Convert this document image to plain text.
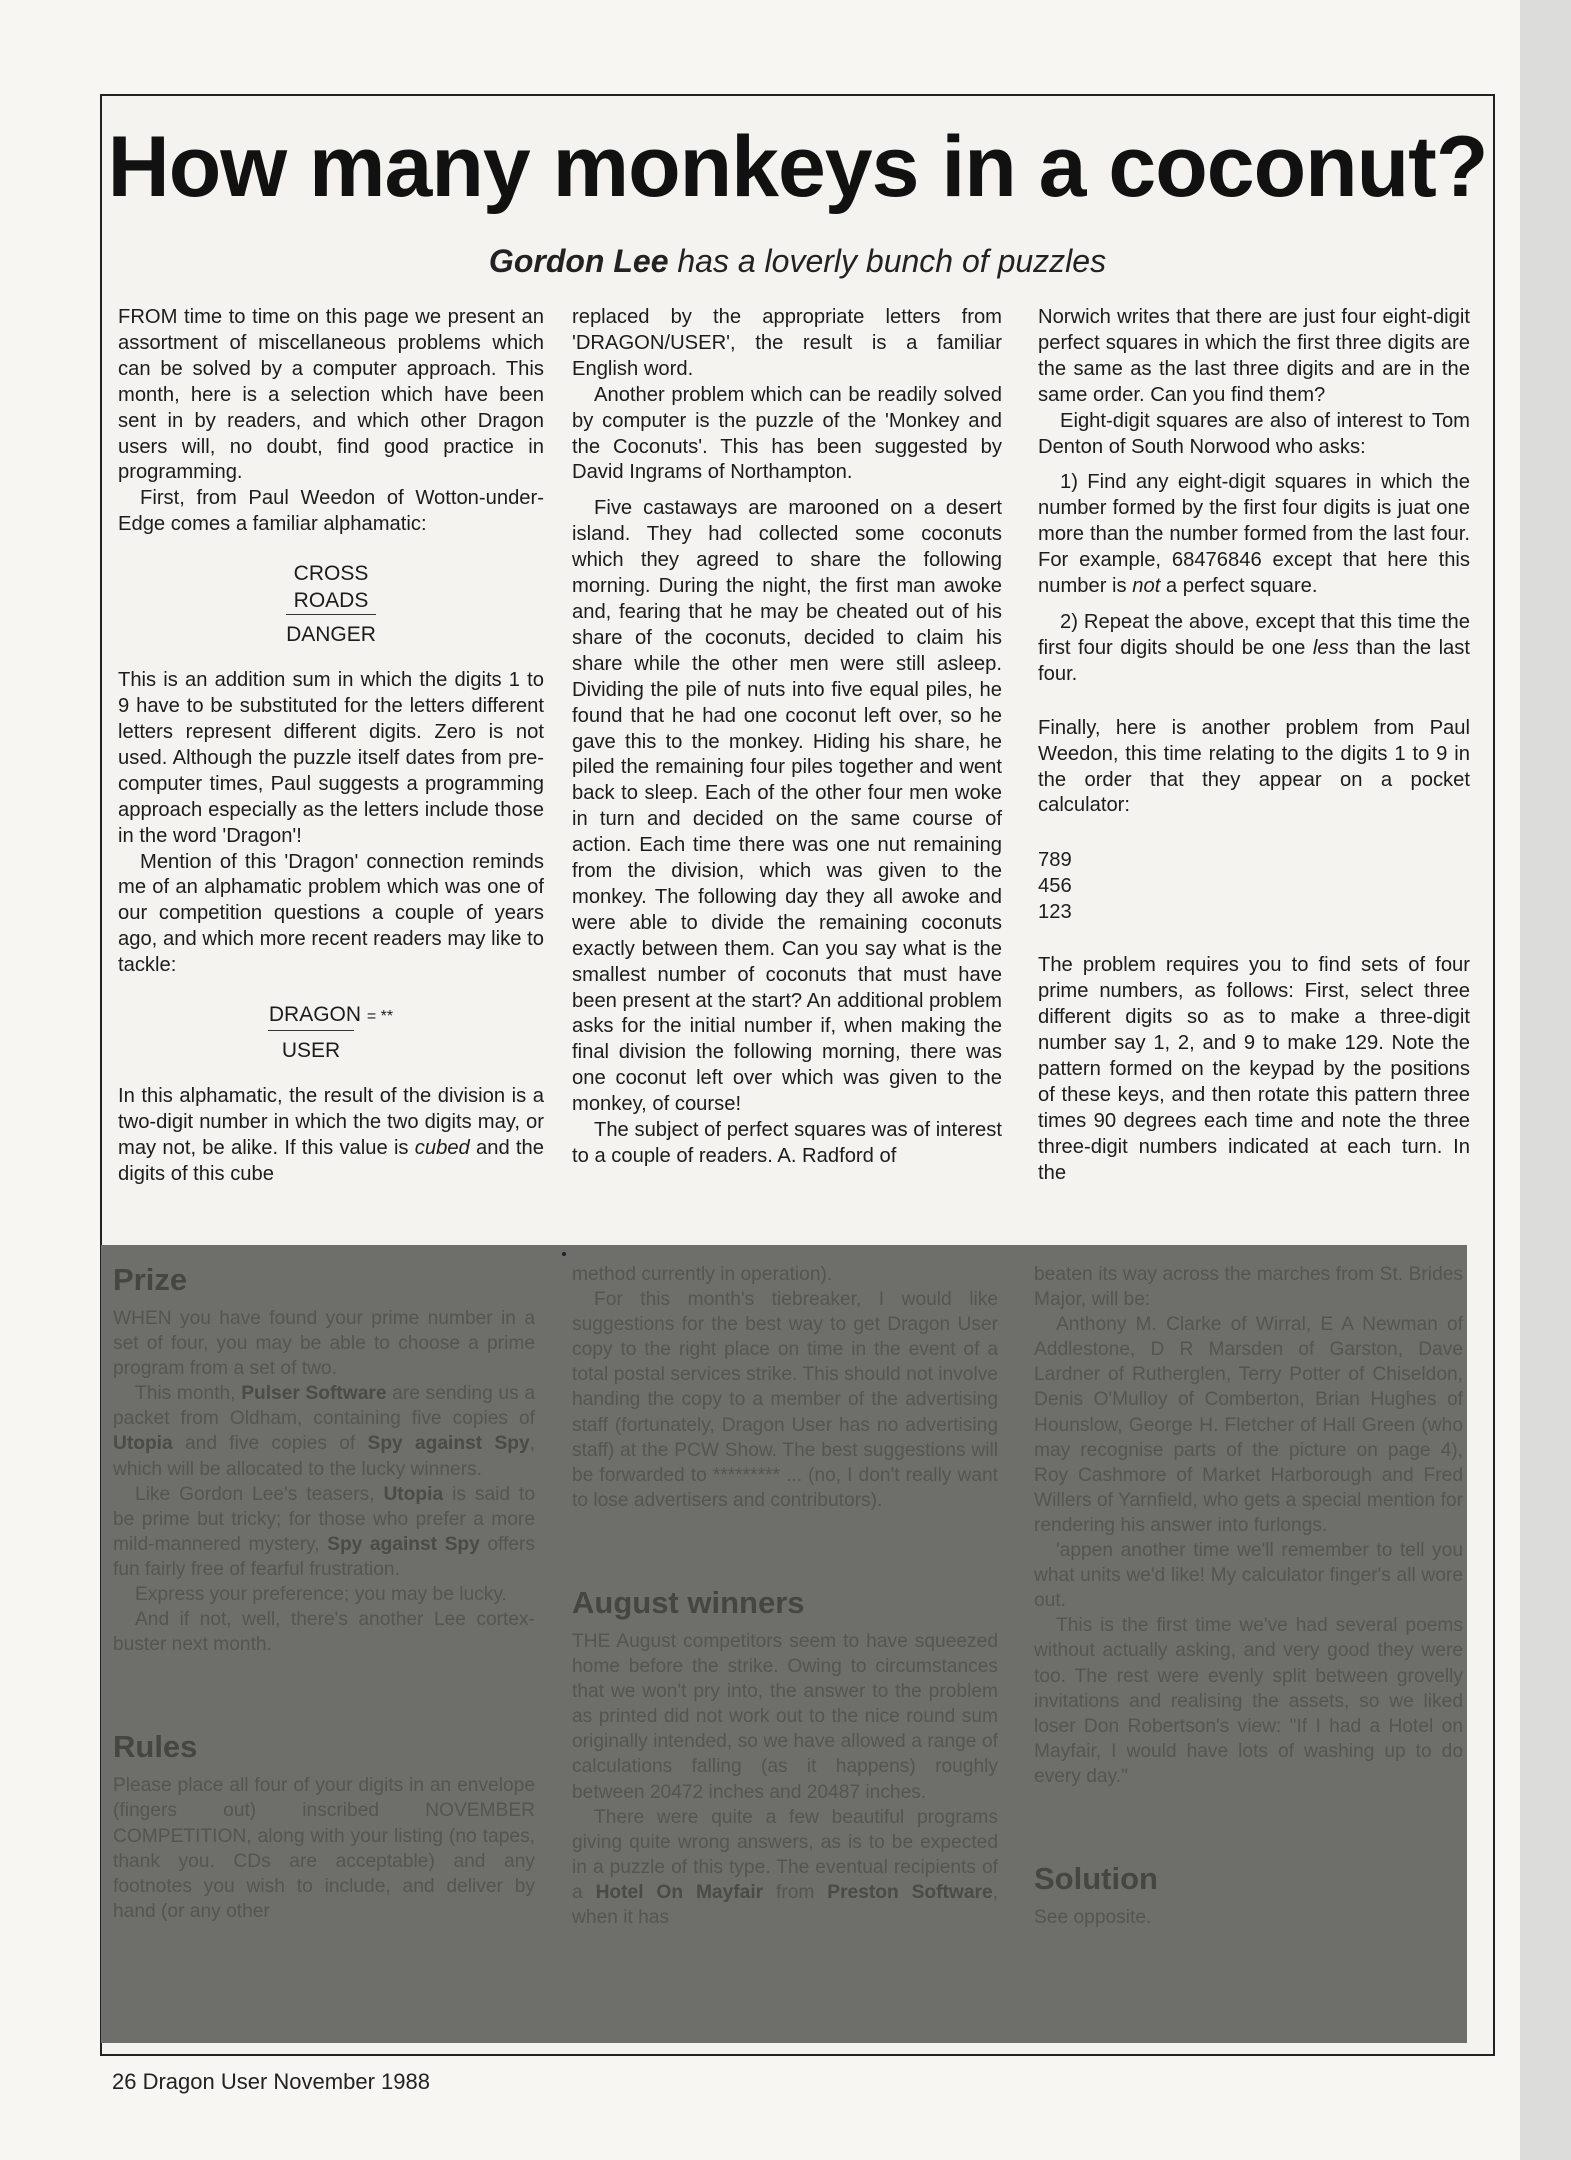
How many monkeys in a coconut?
Gordon Lee has a loverly bunch of puzzles

FROM time to time on this page we present an assortment of miscellaneous problems which can be solved by a computer approach. This month, here is a selection which have been sent in by readers, and which other Dragon users will, no doubt, find good practice in programming.

First, from Paul Weedon of Wotton-under-Edge comes a familiar alphamatic:

CROSS
ROADS
DANGER

This is an addition sum in which the digits 1 to 9 have to be substituted for the letters different letters represent different digits. Zero is not used. Although the puzzle itself dates from pre-computer times, Paul suggests a programming approach especially as the letters include those in the word 'Dragon'!

Mention of this 'Dragon' connection reminds me of an alphamatic problem which was one of our competition questions a couple of years ago, and which more recent readers may like to tackle:

DRAGON = **
USER

In this alphamatic, the result of the division is a two-digit number in which the two digits may, or may not, be alike. If this value is cubed and the digits of this cube

replaced by the appropriate letters from 'DRAGON/USER', the result is a familiar English word.

Another problem which can be readily solved by computer is the puzzle of the 'Monkey and the Coconuts'. This has been suggested by David Ingrams of Northampton.

Five castaways are marooned on a desert island. They had collected some coconuts which they agreed to share the following morning. During the night, the first man awoke and, fearing that he may be cheated out of his share of the coconuts, decided to claim his share while the other men were still asleep. Dividing the pile of nuts into five equal piles, he found that he had one coconut left over, so he gave this to the monkey. Hiding his share, he piled the remaining four piles together and went back to sleep. Each of the other four men woke in turn and decided on the same course of action. Each time there was one nut remaining from the division, which was given to the monkey. The following day they all awoke and were able to divide the remaining coconuts exactly between them. Can you say what is the smallest number of coconuts that must have been present at the start? An additional problem asks for the initial number if, when making the final division the following morning, there was one coconut left over which was given to the monkey, of course!

The subject of perfect squares was of interest to a couple of readers. A. Radford of

Norwich writes that there are just four eight-digit perfect squares in which the first three digits are the same as the last three digits and are in the same order. Can you find them?

Eight-digit squares are also of interest to Tom Denton of South Norwood who asks:

1) Find any eight-digit squares in which the number formed by the first four digits is juat one more than the number formed from the last four. For example, 68476846 except that here this number is not a perfect square.

2) Repeat the above, except that this time the first four digits should be one less than the last four.

Finally, here is another problem from Paul Weedon, this time relating to the digits 1 to 9 in the order that they appear on a pocket calculator:

789
456
123

The problem requires you to find sets of four prime numbers, as follows: First, select three different digits so as to make a three-digit number say 1, 2, and 9 to make 129. Note the pattern formed on the keypad by the positions of these keys, and then rotate this pattern three times 90 degrees each time and note the three three-digit numbers indicated at each turn. In the

Prize

WHEN you have found your prime number in a set of four, you may be able to choose a prime program from a set of two.

This month, Pulser Software are sending us a packet from Oldham, containing five copies of Utopia and five copies of Spy against Spy, which will be allocated to the lucky winners.

Like Gordon Lee's teasers, Utopia is said to be prime but tricky; for those who prefer a more mild-mannered mystery, Spy against Spy offers fun fairly free of fearful frustration.

Express your preference; you may be lucky.

And if not, well, there's another Lee cortex-buster next month.

Rules

Please place all four of your digits in an envelope (fingers out) inscribed NOVEMBER COMPETITION, along with your listing (no tapes, thank you. CDs are acceptable) and any footnotes you wish to include, and deliver by hand (or any other

method currently in operation).

For this month's tiebreaker, I would like suggestions for the best way to get Dragon User copy to the right place on time in the event of a total postal services strike. This should not involve handing the copy to a member of the advertising staff (fortunately, Dragon User has no advertising staff) at the PCW Show. The best suggestions will be forwarded to ********* ... (no, I don't really want to lose advertisers and contributors).

August winners

THE August competitors seem to have squeezed home before the strike. Owing to circumstances that we won't pry into, the answer to the problem as printed did not work out to the nice round sum originally intended, so we have allowed a range of calculations falling (as it happens) roughly between 20472 inches and 20487 inches.

There were quite a few beautiful programs giving quite wrong answers, as is to be expected in a puzzle of this type. The eventual recipients of a Hotel On Mayfair from Preston Software, when it has

beaten its way across the marches from St. Brides Major, will be:

Anthony M. Clarke of Wirral, E A Newman of Addlestone, D R Marsden of Garston, Dave Lardner of Rutherglen, Terry Potter of Chiseldon, Denis O'Mulloy of Comberton, Brian Hughes of Hounslow, George H. Fletcher of Hall Green (who may recognise parts of the picture on page 4), Roy Cashmore of Market Harborough and Fred Willers of Yarnfield, who gets a special mention for rendering his answer into furlongs.

'appen another time we'll remember to tell you what units we'd like! My calculator finger's all wore out.

This is the first time we've had several poems without actually asking, and very good they were too. The rest were evenly split between grovelly invitations and realising the assets, so we liked loser Don Robertson's view: "If I had a Hotel on Mayfair, I would have lots of washing up to do every day."

Solution

See opposite.

26 Dragon User November 1988
